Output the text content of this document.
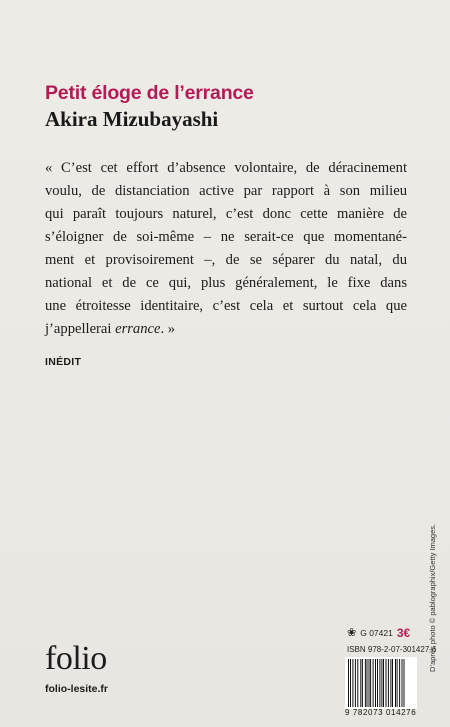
Petit éloge de l’errance
Akira Mizubayashi

« C’est cet effort d’absence volontaire, de déracinement
voulu, de distanciation active par rapport à son milieu
qui paraît toujours naturel, c’est donc cette manière de
s’éloigner de soi-même – ne serait-ce que momentané-
ment et provisoirement –, de se séparer du natal, du
national et de ce qui, plus généralement, le fixe dans
une étroitesse identitaire, c’est cela et surtout cela que
j’appellerai errance. »

INÉDIT

D’après photo © pablographix/Getty Images.

folio

folio-lesite.fr

❀ G 07421 3€

ISBN 978-2-07-301427-6

9 782073 014276
